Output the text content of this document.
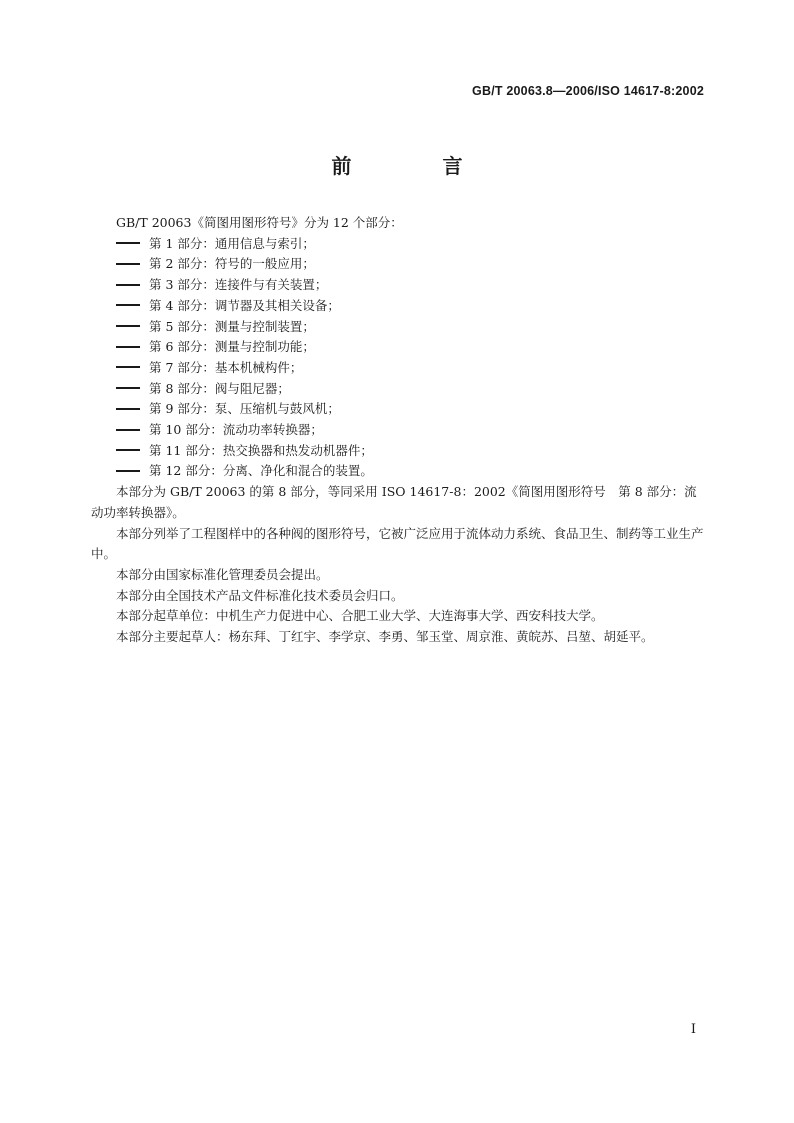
GB/T 20063.8—2006/ISO 14617-8:2002
前 言

GB/T 20063《简图用图形符号》分为 12 个部分：

第 1 部分：通用信息与索引；
第 2 部分：符号的一般应用；
第 3 部分：连接件与有关装置；
第 4 部分：调节器及其相关设备；
第 5 部分：测量与控制装置；
第 6 部分：测量与控制功能；
第 7 部分：基本机械构件；
第 8 部分：阀与阻尼器；
第 9 部分：泵、压缩机与鼓风机；
第 10 部分：流动功率转换器；
第 11 部分：热交换器和热发动机器件；
第 12 部分：分离、净化和混合的装置。

本部分为 GB/T 20063 的第 8 部分，等同采用 ISO 14617-8：2002《简图用图形符号　第 8 部分：流动功率转换器》。

本部分列举了工程图样中的各种阀的图形符号，它被广泛应用于流体动力系统、食品卫生、制药等工业生产中。

本部分由国家标准化管理委员会提出。

本部分由全国技术产品文件标准化技术委员会归口。

本部分起草单位：中机生产力促进中心、合肥工业大学、大连海事大学、西安科技大学。

本部分主要起草人：杨东拜、丁红宇、李学京、李勇、邹玉堂、周京淮、黄皖苏、吕堃、胡延平。

I
